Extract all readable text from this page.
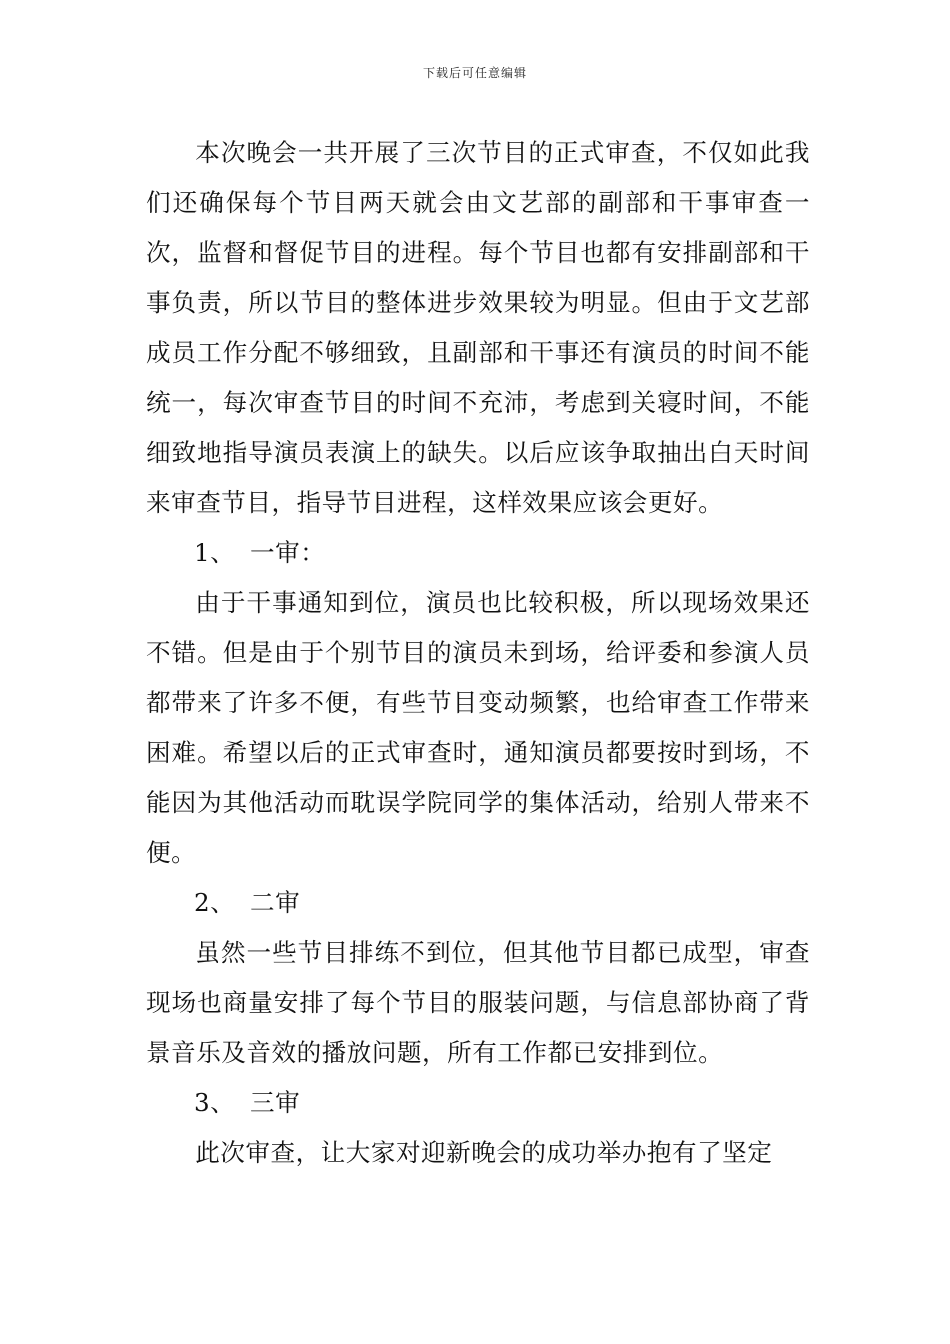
下载后可任意编辑

本次晚会一共开展了三次节目的正式审查，不仅如此我们还确保每个节目两天就会由文艺部的副部和干事审查一次，监督和督促节目的进程。每个节目也都有安排副部和干事负责，所以节目的整体进步效果较为明显。但由于文艺部成员工作分配不够细致，且副部和干事还有演员的时间不能统一，每次审查节目的时间不充沛，考虑到关寝时间，不能细致地指导演员表演上的缺失。以后应该争取抽出白天时间来审查节目，指导节目进程，这样效果应该会更好。

1、 一审：

由于干事通知到位，演员也比较积极，所以现场效果还不错。但是由于个别节目的演员未到场，给评委和参演人员都带来了许多不便，有些节目变动频繁，也给审查工作带来困难。希望以后的正式审查时，通知演员都要按时到场，不能因为其他活动而耽误学院同学的集体活动，给别人带来不便。

2、 二审

虽然一些节目排练不到位，但其他节目都已成型，审查现场也商量安排了每个节目的服装问题，与信息部协商了背景音乐及音效的播放问题，所有工作都已安排到位。

3、 三审

此次审查，让大家对迎新晚会的成功举办抱有了坚定
